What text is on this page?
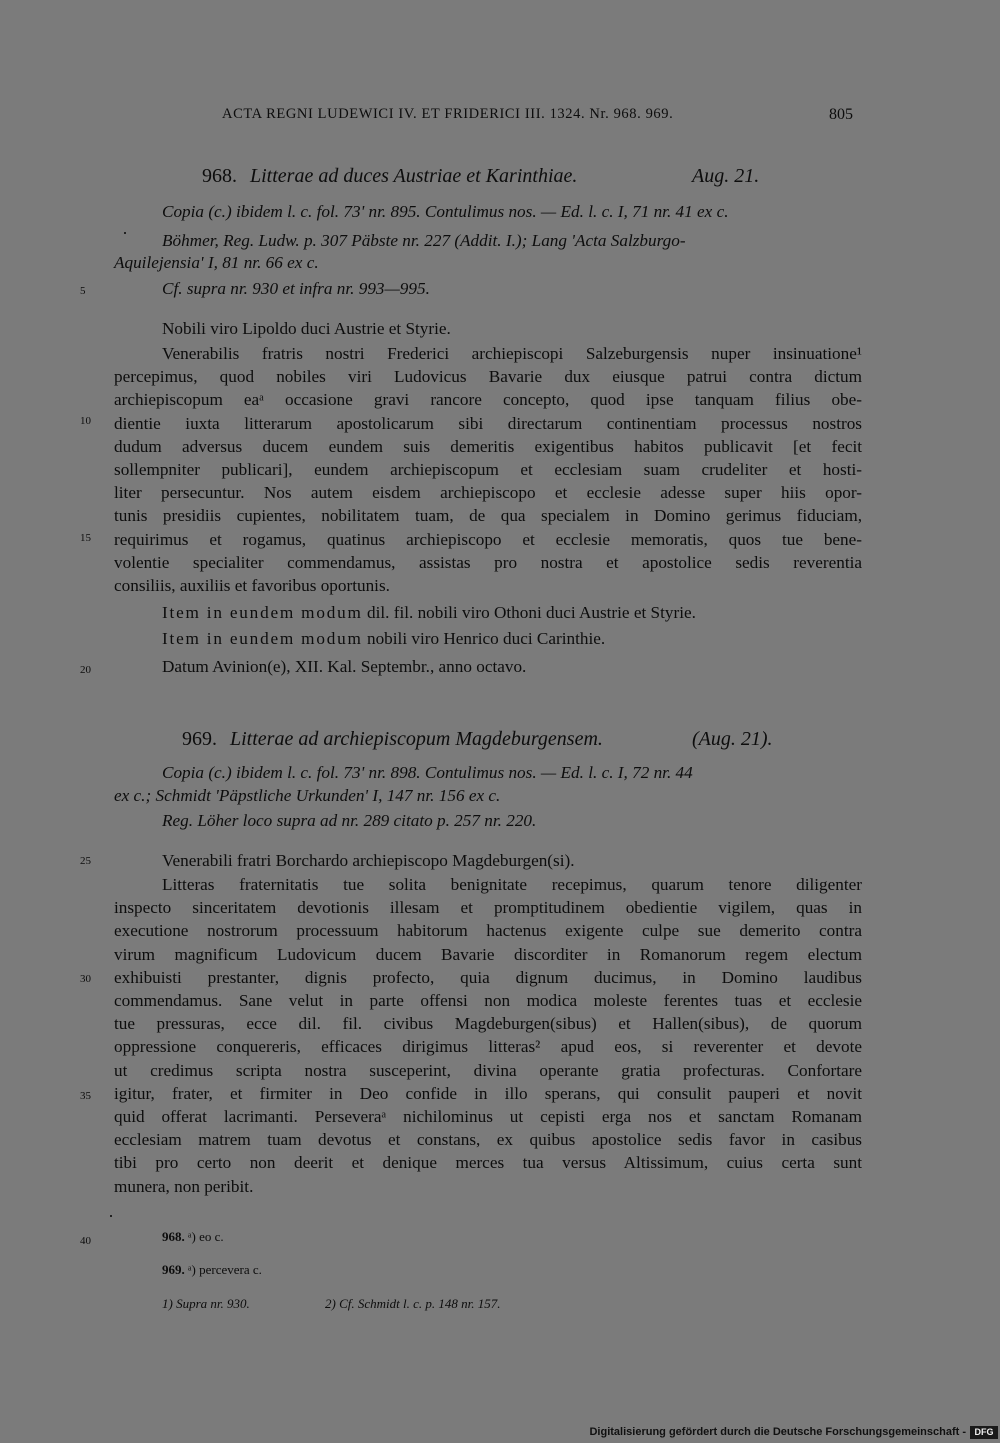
ACTA REGNI LUDEWICI IV. ET FRIDERICI III. 1324. Nr. 968. 969.	805
968. Litterae ad duces Austriae et Karinthiae.	Aug. 21.
Copia (c.) ibidem l. c. fol. 73' nr. 895. Contulimus nos. — Ed. l. c. I, 71 nr. 41 ex c.
Böhmer, Reg. Ludw. p. 307 Päbste nr. 227 (Addit. I.); Lang 'Acta Salzburgo-
Aquilejensia' I, 81 nr. 66 ex c.
Cf. supra nr. 930 et infra nr. 993—995.
Nobili viro Lipoldo duci Austrie et Styrie.
Venerabilis fratris nostri Frederici archiepiscopi Salzeburgensis nuper insinuatione¹
percepimus, quod nobiles viri Ludovicus Bavarie dux eiusque patrui contra dictum
archiepiscopum eaᵃ occasione gravi rancore concepto, quod ipse tanquam filius obe-
dientie iuxta litterarum apostolicarum sibi directarum continentiam processus nostros
dudum adversus ducem eundem suis demeritis exigentibus habitos publicavit [et fecit
sollempniter publicari], eundem archiepiscopum et ecclesiam suam crudeliter et hosti-
liter persecuntur. Nos autem eisdem archiepiscopo et ecclesie adesse super hiis opor-
tunis presidiis cupientes, nobilitatem tuam, de qua specialem in Domino gerimus fiduciam,
requirimus et rogamus, quatinus archiepiscopo et ecclesie memoratis, quos tue bene-
volentie specialiter commendamus, assistas pro nostra et apostolice sedis reverentia
consiliis, auxiliis et favoribus oportunis.
Item in eundem modum dil. fil. nobili viro Othoni duci Austrie et Styrie.
Item in eundem modum nobili viro Henrico duci Carinthie.
Datum Avinion(e), XII. Kal. Septembr., anno octavo.
969. Litterae ad archiepiscopum Magdeburgensem.	(Aug. 21).
Copia (c.) ibidem l. c. fol. 73' nr. 898. Contulimus nos. — Ed. l. c. I, 72 nr. 44
ex c.; Schmidt 'Päpstliche Urkunden' I, 147 nr. 156 ex c.
Reg. Löher loco supra ad nr. 289 citato p. 257 nr. 220.
Venerabili fratri Borchardo archiepiscopo Magdeburgen(si).
Litteras fraternitatis tue solita benignitate recepimus, quarum tenore diligenter
inspecto sinceritatem devotionis illesam et promptitudinem obedientie vigilem, quas in
executione nostrorum processuum habitorum hactenus exigente culpe sue demerito contra
virum magnificum Ludovicum ducem Bavarie discorditer in Romanorum regem electum
exhibuisti prestanter, dignis profecto, quia dignum ducimus, in Domino laudibus
commendamus. Sane velut in parte offensi non modica moleste ferentes tuas et ecclesie
tue pressuras, ecce dil. fil. civibus Magdeburgen(sibus) et Hallen(sibus), de quorum
oppressione conquereris, efficaces dirigimus litteras² apud eos, si reverenter et devote
ut credimus scripta nostra susceperint, divina operante gratia profecturas. Confortare
igitur, frater, et firmiter in Deo confide in illo sperans, qui consulit pauperi et novit
quid offerat lacrimanti. Perseveraᵃ nichilominus ut cepisti erga nos et sanctam Romanam
ecclesiam matrem tuam devotus et constans, ex quibus apostolice sedis favor in casibus
tibi pro certo non deerit et denique merces tua versus Altissimum, cuius certa sunt
munera, non peribit.
5
10
15
20
25
30
35
40	968. ᵃ) eo c.
969. ᵃ) percevera c.
1) Supra nr. 930.	2) Cf. Schmidt l. c. p. 148 nr. 157.
Digitalisierung gefördert durch die Deutsche Forschungsgemeinschaft - DFG
